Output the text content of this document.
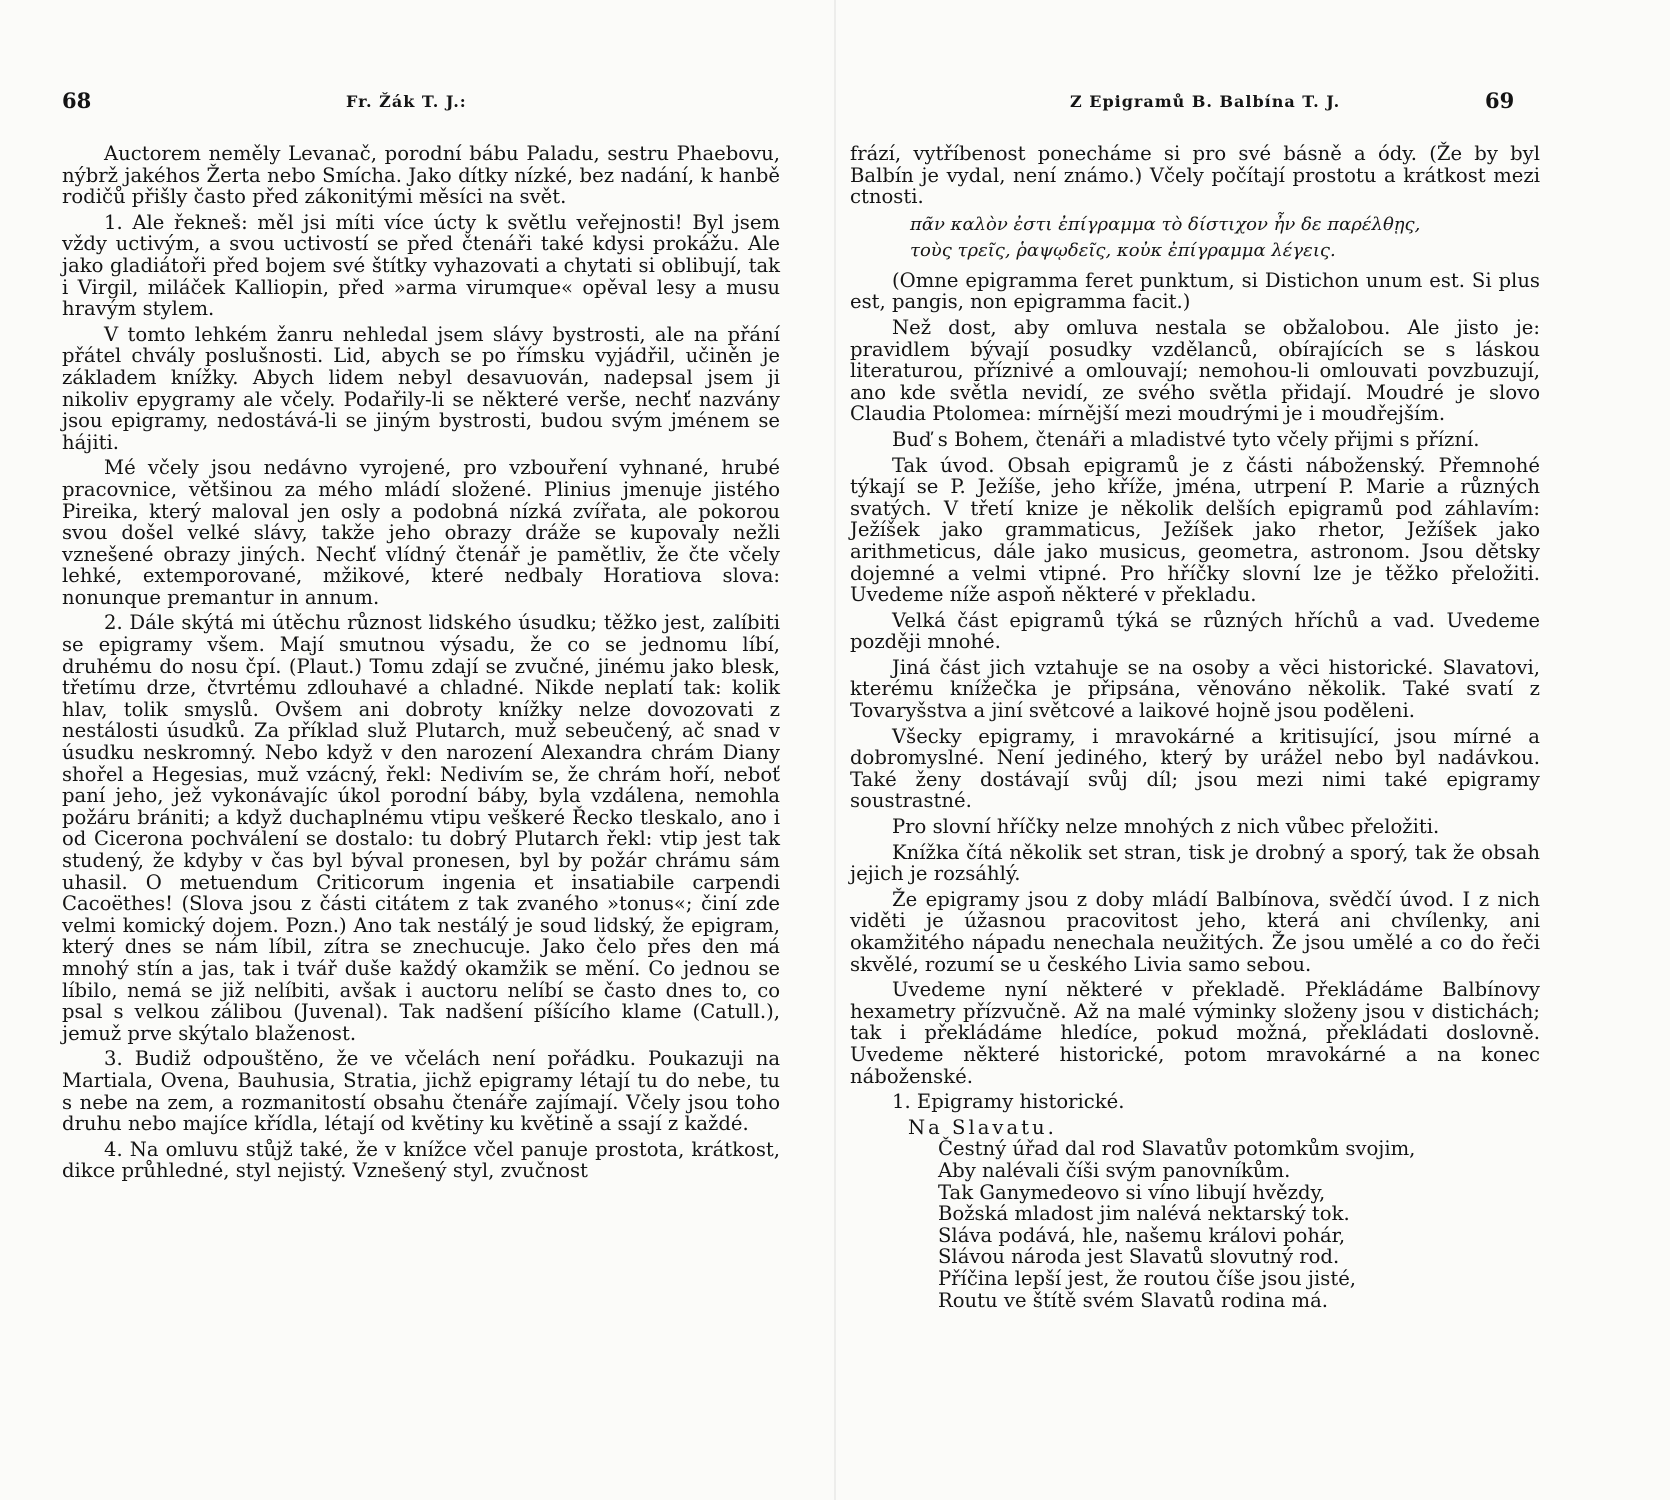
68	Fr. Žák T. J.:

Auctorem neměly Levanač, porodní bábu Paladu, sestru Phaebovu, nýbrž jakéhos Žerta nebo Smícha. Jako dítky nízké, bez nadání, k hanbě rodičů přišly často před zákonitými měsíci na svět.

1. Ale řekneš: měl jsi míti více úcty k světlu veřejnosti! Byl jsem vždy uctivým, a svou uctivostí se před čtenáři také kdysi prokážu. Ale jako gladiátoři před bojem své štítky vyhazovati a chytati si oblibují, tak i Virgil, miláček Kalliopin, před »arma virumque« opěval lesy a musu hravým stylem.

V tomto lehkém žanru nehledal jsem slávy bystrosti, ale na přání přátel chvály poslušnosti. Lid, abych se po římsku vyjádřil, učiněn je základem knížky. Abych lidem nebyl desavuován, nadepsal jsem ji nikoliv epygramy ale včely. Podařily-li se některé verše, nechť nazvány jsou epigramy, nedostává-li se jiným bystrosti, budou svým jménem se hájiti.

Mé včely jsou nedávno vyrojené, pro vzbouření vyhnané, hrubé pracovnice, většinou za mého mládí složené. Plinius jmenuje jistého Pireika, který maloval jen osly a podobná nízká zvířata, ale pokorou svou došel velké slávy, takže jeho obrazy dráže se kupovaly nežli vznešené obrazy jiných. Nechť vlídný čtenář je pamětliv, že čte včely lehké, extemporované, mžikové, které nedbaly Horatiova slova: nonunque premantur in annum.

2. Dále skýtá mi útěchu různost lidského úsudku; těžko jest, zalíbiti se epigramy všem. Mají smutnou výsadu, že co se jednomu líbí, druhému do nosu čpí. (Plaut.) Tomu zdají se zvučné, jinému jako blesk, třetímu drze, čtvrtému zdlouhavé a chladné. Nikde neplatí tak: kolik hlav, tolik smyslů. Ovšem ani dobroty knížky nelze dovozovati z nestálosti úsudků. Za příklad služ Plutarch, muž sebeučený, ač snad v úsudku neskromný. Nebo když v den narození Alexandra chrám Diany shořel a Hegesias, muž vzácný, řekl: Nedivím se, že chrám hoří, neboť paní jeho, jež vykonávajíc úkol porodní báby, byla vzdálena, nemohla požáru brániti; a když duchaplnému vtipu veškeré Řecko tleskalo, ano i od Cicerona pochválení se dostalo: tu dobrý Plutarch řekl: vtip jest tak studený, že kdyby v čas byl býval pronesen, byl by požár chrámu sám uhasil. O metuendum Criticorum ingenia et insatiabile carpendi Cacoëthes! (Slova jsou z části citátem z tak zvaného »tonus«; činí zde velmi komický dojem. Pozn.) Ano tak nestálý je soud lidský, že epigram, který dnes se nám líbil, zítra se znechucuje. Jako čelo přes den má mnohý stín a jas, tak i tvář duše každý okamžik se mění. Co jednou se líbilo, nemá se již nelíbiti, avšak i auctoru nelíbí se často dnes to, co psal s velkou zálibou (Juvenal). Tak nadšení píšícího klame (Catull.), jemuž prve skýtalo blaženost.

3. Budiž odpouštěno, že ve včelách není pořádku. Poukazuji na Martiala, Ovena, Bauhusia, Stratia, jichž epigramy létají tu do nebe, tu s nebe na zem, a rozmanitostí obsahu čtenáře zajímají. Včely jsou toho druhu nebo majíce křídla, létají od květiny ku květině a ssají z každé.

4. Na omluvu stůjž také, že v knížce včel panuje prostota, krátkost, dikce průhledné, styl nejistý. Vznešený styl, zvučnost

Z Epigramů B. Balbína T. J.	69

frází, vytříbenost ponecháme si pro své básně a ódy. (Že by byl Balbín je vydal, není známo.) Včely počítají prostotu a krátkost mezi ctnosti.

πᾶν καλὸν ἐστι ἐπίγραμμα τὸ δίστιχον ἦν δε παρέλθῃς,
τοὺς τρεῖς, ῥαψῳδεῖς, κοὐκ ἐπίγραμμα λέγεις.

(Omne epigramma feret punktum, si Distichon unum est. Si plus est, pangis, non epigramma facit.)

Než dost, aby omluva nestala se obžalobou. Ale jisto je: pravidlem bývají posudky vzdělanců, obírajících se s láskou literaturou, příznivé a omlouvají; nemohou-li omlouvati povzbuzují, ano kde světla nevidí, ze svého světla přidají. Moudré je slovo Claudia Ptolomea: mírnější mezi moudrými je i moudřejším.

Buď s Bohem, čtenáři a mladistvé tyto včely přijmi s přízní.

Tak úvod. Obsah epigramů je z části náboženský. Přemnohé týkají se P. Ježíše, jeho kříže, jména, utrpení P. Marie a různých svatých. V třetí knize je několik delších epigramů pod záhlavím: Ježíšek jako grammaticus, Ježíšek jako rhetor, Ježíšek jako arithmeticus, dále jako musicus, geometra, astronom. Jsou dětsky dojemné a velmi vtipné. Pro hříčky slovní lze je těžko přeložiti. Uvedeme níže aspoň některé v překladu.

Velká část epigramů týká se různých hříchů a vad. Uvedeme později mnohé.

Jiná část jich vztahuje se na osoby a věci historické. Slavatovi, kterému knížečka je připsána, věnováno několik. Také svatí z Tovaryšstva a jiní světcové a laikové hojně jsou poděleni.

Všecky epigramy, i mravokárné a kritisující, jsou mírné a dobromyslné. Není jediného, který by urážel nebo byl nadávkou. Také ženy dostávají svůj díl; jsou mezi nimi také epigramy soustrastné.

Pro slovní hříčky nelze mnohých z nich vůbec přeložiti.

Knížka čítá několik set stran, tisk je drobný a sporý, tak že obsah jejich je rozsáhlý.

Že epigramy jsou z doby mládí Balbínova, svědčí úvod. I z nich viděti je úžasnou pracovitost jeho, která ani chvílenky, ani okamžitého nápadu nenechala neužitých. Že jsou umělé a co do řeči skvělé, rozumí se u českého Livia samo sebou.

Uvedeme nyní některé v překladě. Překládáme Balbínovy hexametry přízvučně. Až na malé výminky složeny jsou v distichách; tak i překládáme hledíce, pokud možná, překládati doslovně. Uvedeme některé historické, potom mravokárné a na konec náboženské.

1. Epigramy historické.

Na Slavatu.
Čestný úřad dal rod Slavatův potomkům svojim,
Aby nalévali číši svým panovníkům.
Tak Ganymedeovo si víno libují hvězdy,
Božská mladost jim nalévá nektarský tok.
Sláva podává, hle, našemu královi pohár,
Slávou národa jest Slavatů slovutný rod.
Příčina lepší jest, že routou číše jsou jisté,
Routu ve štítě svém Slavatů rodina má.
